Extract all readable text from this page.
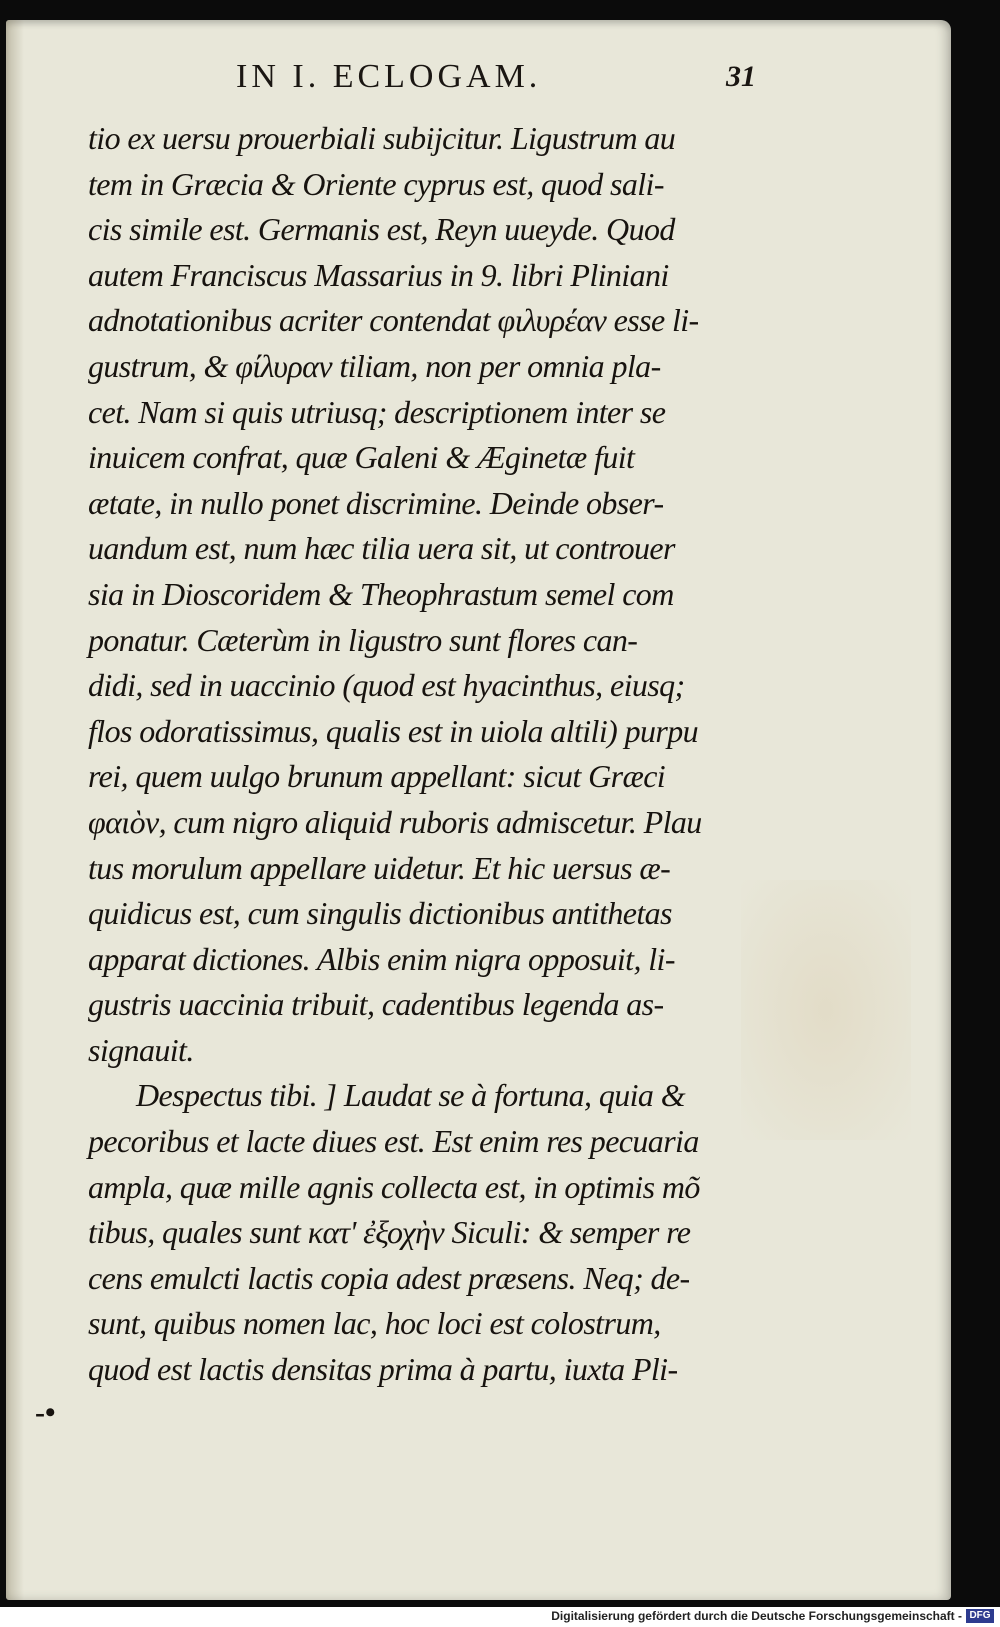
IN I. ECLOGAM.	31
tio ex uersu prouerbiali subijcitur. Ligustrum au
tem in Græcia & Oriente cyprus est, quod sali-
cis simile est. Germanis est, Reyn uueyde. Quod
autem Franciscus Massarius in 9. libri Pliniani
adnotationibus acriter contendat φιλυρέαν esse li-
gustrum, & φίλυραν tiliam, non per omnia pla-
cet. Nam si quis utriusq; descriptionem inter se
inuicem confrat, quæ Galeni & Æginetæ fuit
ætate, in nullo ponet discrimine. Deinde obser-
uandum est, num hæc tilia uera sit, ut controuer
sia in Dioscoridem & Theophrastum semel com
ponatur. Cæterùm in ligustro sunt flores can-
didi, sed in uaccinio (quod est hyacinthus, eiusq;
flos odoratissimus, qualis est in uiola altili) purpu
rei, quem uulgo brunum appellant: sicut Græci
φαιὸν, cum nigro aliquid ruboris admiscetur. Plau
tus morulum appellare uidetur. Et hic uersus æ-
quidicus est, cum singulis dictionibus antithetas
apparat dictiones. Albis enim nigra opposuit, li-
gustris uaccinia tribuit, cadentibus legenda as-
signauit.
Despectus tibi. ] Laudat se à fortuna, quia &
pecoribus et lacte diues est. Est enim res pecuaria
ampla, quæ mille agnis collecta est, in optimis mõ
tibus, quales sunt κατ' ἐξοχὴν Siculi: & semper re
cens emulcti lactis copia adest præsens. Neq; de-
sunt, quibus nomen lac, hoc loci est colostrum,
quod est lactis densitas prima à partu, iuxta Pli-
-•
Digitalisierung gefördert durch die Deutsche Forschungsgemeinschaft - DFG
